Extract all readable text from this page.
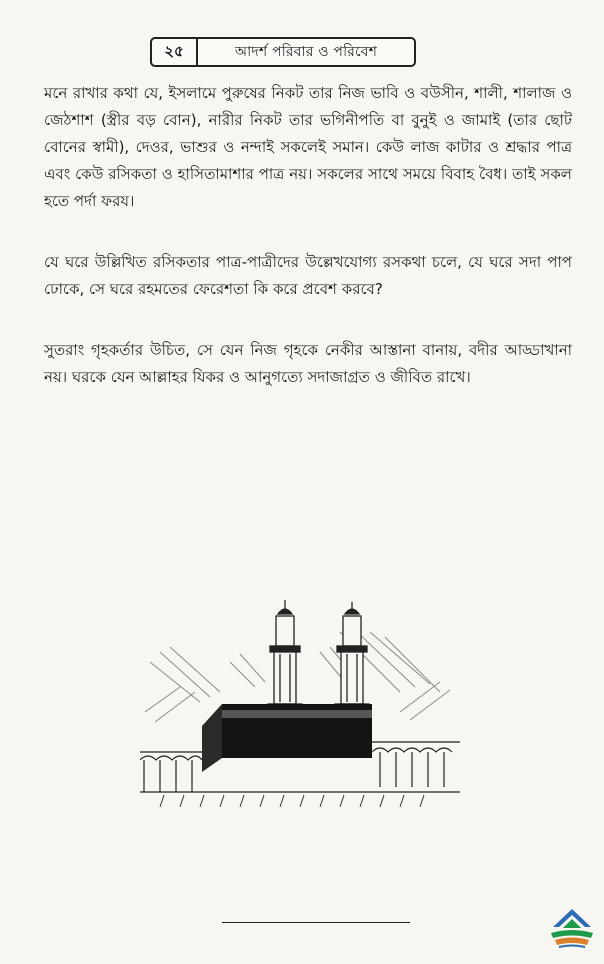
২৫	আদর্শ পরিবার ও পরিবেশ

মনে রাখার কথা যে, ইসলামে পুরুষের নিকট তার নিজ ভাবি ও বউসীন, শালী, শালাজ ও জেঠশাশ (স্ত্রীর বড় বোন), নারীর নিকট তার ভগিনীপতি বা বুনুই ও জামাই (তার ছোট বোনের স্বামী), দেওর, ভাশুর ও নন্দাই সকলেই সমান। কেউ লাজ কাটার ও শ্রদ্ধার পাত্র এবং কেউ রসিকতা ও হাসিতামাশার পাত্র নয়। সকলের সাথে সময়ে বিবাহ বৈধ। তাই সকল হতে পর্দা ফরয।

যে ঘরে উল্লিখিত রসিকতার পাত্র-পাত্রীদের উল্লেখযোগ্য রসকথা চলে, যে ঘরে সদা পাপ ঢোকে, সে ঘরে রহমতের ফেরেশতা কি করে প্রবেশ করবে?

সুতরাং গৃহকর্তার উচিত, সে যেন নিজ গৃহকে নেকীর আস্তানা বানায়, বদীর আড্ডাখানা নয়। ঘরকে যেন আল্লাহর যিকর ও আনুগত্যে সদাজাগ্রত ও জীবিত রাখে।
